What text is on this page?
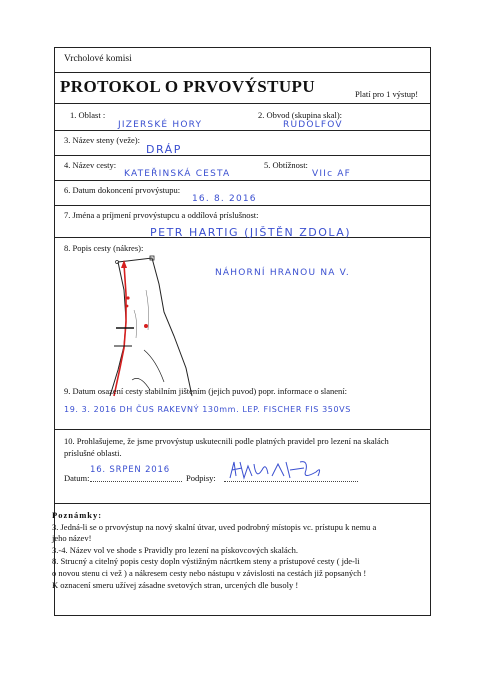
Vrcholové komisi
PROTOKOL O PRVOVÝSTUPU	Platí pro 1 výstup!
1. Oblast :
JIZERSKÉ HORY
2. Obvod (skupina skal):
RUDOLFOV
3. Název steny (veže):
DRÁP
4. Název cesty:
KATEŘINSKÁ CESTA
5. Obtížnost:
VIIc AF
6. Datum dokoncení prvovýstupu:
16. 8. 2016
7. Jména a príjmení prvovýstupcu a oddílová príslušnost:
PETR HARTIG (JIŠTĚN ZDOLA)
8. Popis cesty (nákres):
NÁHORNÍ HRANOU NA V.
9. Datum osazení cesty stabilním jištením (jejich puvod) popr. informace o slanení:
19. 3. 2016 DH ČUS RAKEVNÝ 130mm. LEP. FISCHER FIS 350VS
10. Prohlašujeme, že jsme prvovýstup uskutecnili podle platných pravidel pro lezení na skalách
príslušné oblasti.
Datum:
16. SRPEN 2016
Podpisy:
Poznámky:
3. Jedná-li se o prvovýstup na nový skalní útvar, uved podrobný místopis vc. prístupu k nemu a
jeho název!
3.-4. Název vol ve shode s Pravidly pro lezení na pískovcových skalách.
8. Strucný a citelný popis cesty dopln výstižným nácrtkem steny a prístupové cesty ( jde-li
o novou stenu ci vež ) a nákresem cesty nebo nástupu v závislosti na cestách již popsaných !
K oznacení smeru užívej zásadne svetových stran, urcených dle busoly !
